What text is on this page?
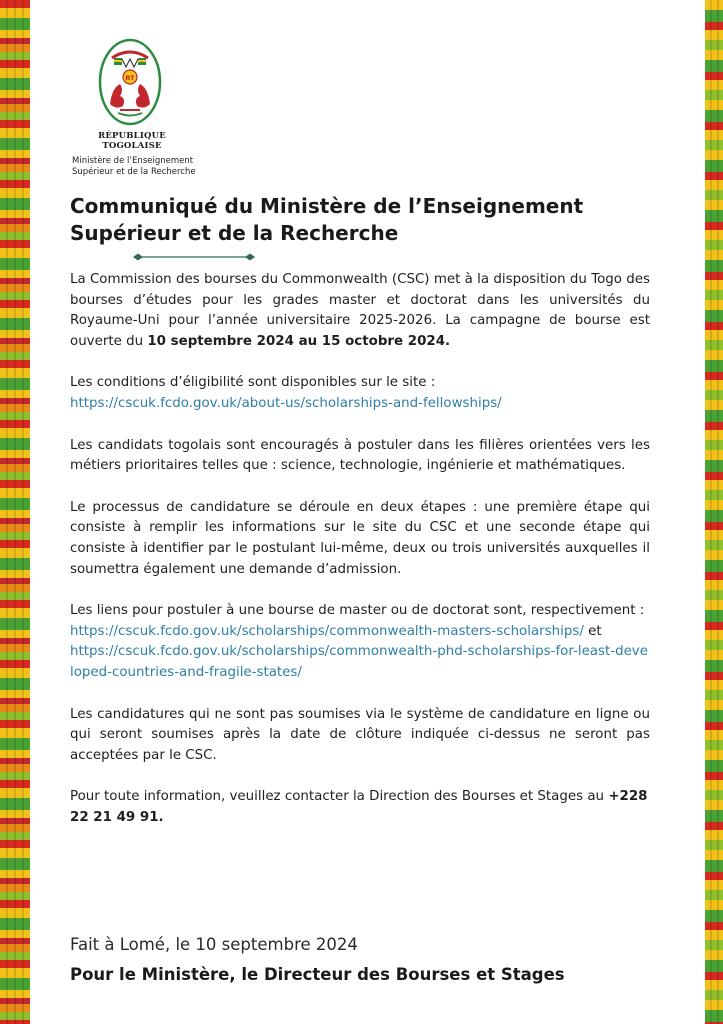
RT
RÉPUBLIQUE TOGOLAISE
Ministère de l’Enseignement
Supérieur et de la Recherche
Communiqué du Ministère de l’Enseignement
Supérieur et de la Recherche

La Commission des bourses du Commonwealth (CSC) met à la disposition du Togo des bourses d’études pour les grades master et doctorat dans les universités du Royaume-Uni pour l’année universitaire 2025-2026. La campagne de bourse est ouverte du 10 septembre 2024 au 15 octobre 2024.

Les conditions d’éligibilité sont disponibles sur le site :
https://cscuk.fcdo.gov.uk/about-us/scholarships-and-fellowships/

Les candidats togolais sont encouragés à postuler dans les filières orientées vers les métiers prioritaires telles que : science, technologie, ingénierie et mathématiques.

Le processus de candidature se déroule en deux étapes : une première étape qui consiste à remplir les informations sur le site du CSC et une seconde étape qui consiste à identifier par le postulant lui-même, deux ou trois universités auxquelles il soumettra également une demande d’admission.

Les liens pour postuler à une bourse de master ou de doctorat sont, respectivement :
https://cscuk.fcdo.gov.uk/scholarships/commonwealth-masters-scholarships/ et
https://cscuk.fcdo.gov.uk/scholarships/commonwealth-phd-scholarships-for-least-developed-countries-and-fragile-states/

Les candidatures qui ne sont pas soumises via le système de candidature en ligne ou qui seront soumises après la date de clôture indiquée ci-dessus ne seront pas acceptées par le CSC.

Pour toute information, veuillez contacter la Direction des Bourses et Stages au +228 22 21 49 91.

Fait à Lomé, le 10 septembre 2024
Pour le Ministère, le Directeur des Bourses et Stages
